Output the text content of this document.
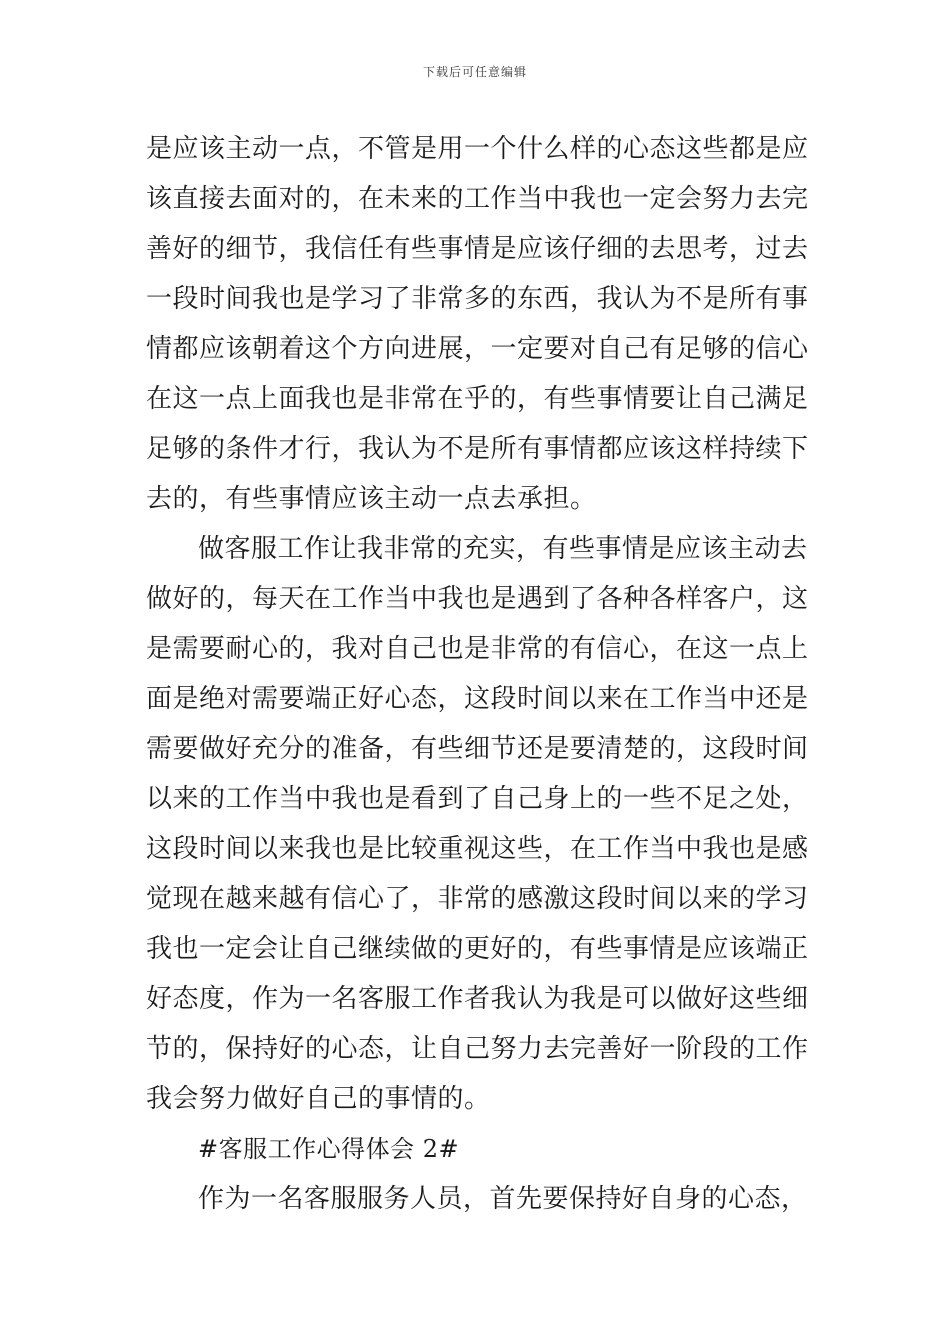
下载后可任意编辑
是应该主动一点，不管是用一个什么样的心态这些都是应
该直接去面对的，在未来的工作当中我也一定会努力去完
善好的细节，我信任有些事情是应该仔细的去思考，过去
一段时间我也是学习了非常多的东西，我认为不是所有事
情都应该朝着这个方向进展，一定要对自己有足够的信心
在这一点上面我也是非常在乎的，有些事情要让自己满足
足够的条件才行，我认为不是所有事情都应该这样持续下
去的，有些事情应该主动一点去承担。
做客服工作让我非常的充实，有些事情是应该主动去
做好的，每天在工作当中我也是遇到了各种各样客户，这
是需要耐心的，我对自己也是非常的有信心，在这一点上
面是绝对需要端正好心态，这段时间以来在工作当中还是
需要做好充分的准备，有些细节还是要清楚的，这段时间
以来的工作当中我也是看到了自己身上的一些不足之处，
这段时间以来我也是比较重视这些，在工作当中我也是感
觉现在越来越有信心了，非常的感激这段时间以来的学习
我也一定会让自己继续做的更好的，有些事情是应该端正
好态度，作为一名客服工作者我认为我是可以做好这些细
节的，保持好的心态，让自己努力去完善好一阶段的工作
我会努力做好自己的事情的。
#客服工作心得体会 2#
作为一名客服服务人员，首先要保持好自身的心态，
